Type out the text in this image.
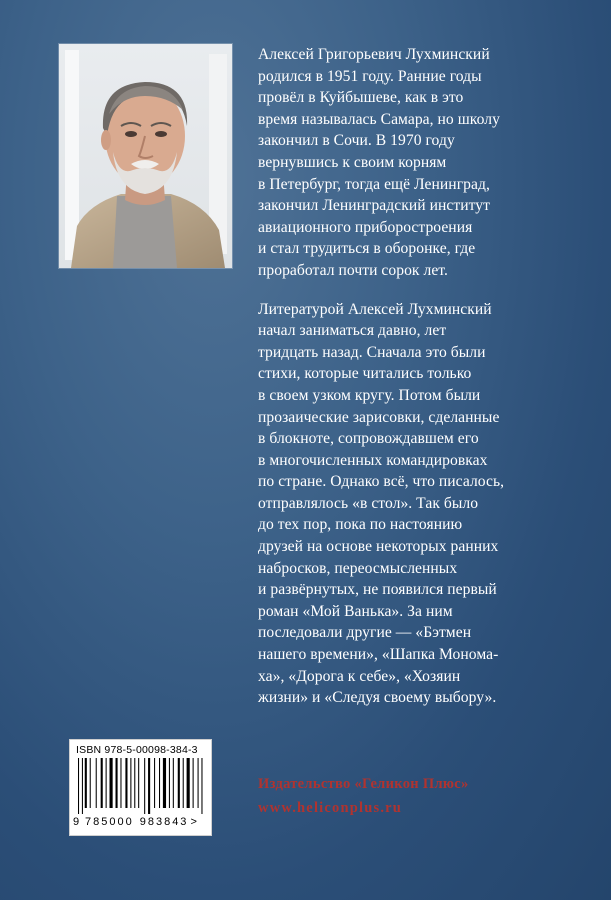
Алексей Григорьевич Лухминский
родился в 1951 году. Ранние годы
провёл в Куйбышеве, как в это
время называлась Самара, но школу
закончил в Сочи. В 1970 году
вернувшись к своим корням
в Петербург, тогда ещё Ленинград,
закончил Ленинградский институт
авиационного приборостроения
и стал трудиться в оборонке, где
проработал почти сорок лет.

Литературой Алексей Лухминский
начал заниматься давно, лет
тридцать назад. Сначала это были
стихи, которые читались только
в своем узком кругу. Потом были
прозаические зарисовки, сделанные
в блокноте, сопровождавшем его
в многочисленных командировках
по стране. Однако всё, что писалось,
отправлялось «в стол». Так было
до тех пор, пока по настоянию
друзей на основе некоторых ранних
набросков, переосмысленных
и развёрнутых, не появился первый
роман «Мой Ванька». За ним
последовали другие — «Бэтмен
нашего времени», «Шапка Монома-
ха», «Дорога к себе», «Хозяин
жизни» и «Следуя своему выбору».

ISBN 978-5-00098-384-3
9 785000 983843 >
Издательство «Геликон Плюс»
www.heliconplus.ru
